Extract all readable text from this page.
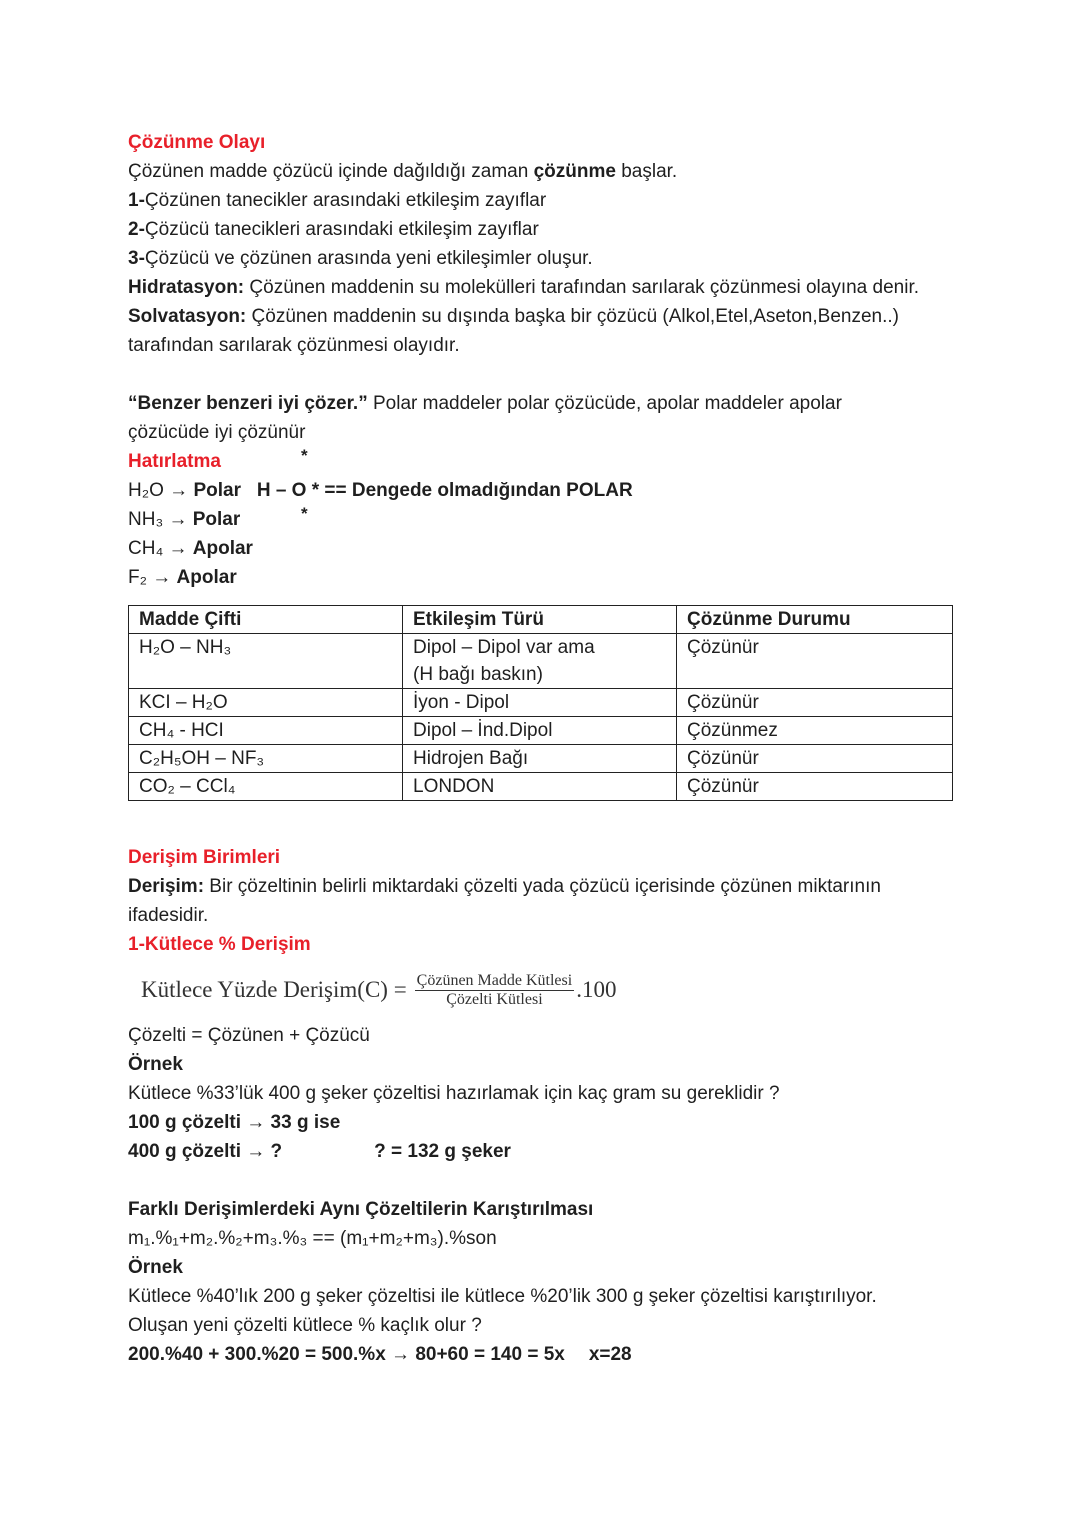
Çözünme Olayı
Çözünen madde çözücü içinde dağıldığı zaman çözünme başlar.
1-Çözünen tanecikler arasındaki etkileşim zayıflar
2-Çözücü tanecikleri arasındaki etkileşim zayıflar
3-Çözücü ve çözünen arasında yeni etkileşimler oluşur.
Hidratasyon: Çözünen maddenin su molekülleri tarafından sarılarak çözünmesi olayına denir.
Solvatasyon: Çözünen maddenin su dışında başka bir çözücü (Alkol,Etel,Aseton,Benzen..)
tarafından sarılarak çözünmesi olayıdır.
“Benzer benzeri iyi çözer.” Polar maddeler polar çözücüde, apolar maddeler apolar
çözücüde iyi çözünür
Hatırlatma	*
H₂O → Polar H – O * == Dengede olmadığından POLAR
NH₃ → Polar	*
CH₄ → Apolar
F₂ → Apolar
Madde Çifti	Etkileşim Türü	Çözünme Durumu
H₂O – NH₃	Dipol – Dipol var ama	Çözünür
	(H bağı baskın)	
KCI – H₂O	İyon - Dipol	Çözünür
CH₄ - HCI	Dipol – İnd.Dipol	Çözünmez
C₂H₅OH – NF₃	Hidrojen Bağı	Çözünür
CO₂ – CCl₄	LONDON	Çözünür
Derişim Birimleri
Derişim: Bir çözeltinin belirli miktardaki çözelti yada çözücü içerisinde çözünen miktarının
ifadesidir.
1-Kütlece % Derişim
Kütlece Yüzde Derişim(C) = $\frac{\text{Çözünen Madde Kütlesi}}{\text{Çözelti Kütlesi}} .100$
Çözelti = Çözünen + Çözücü
Örnek
Kütlece %33’lük 400 g şeker çözeltisi hazırlamak için kaç gram su gereklidir ?
100 g çözelti → 33 g ise
400 g çözelti → ?	? = 132 g şeker
Farklı Derişimlerdeki Aynı Çözeltilerin Karıştırılması
m₁.%₁+m₂.%₂+m₃.%₃ == (m₁+m₂+m₃).%son
Örnek
Kütlece %40’lık 200 g şeker çözeltisi ile kütlece %20’lik 300 g şeker çözeltisi karıştırılıyor.
Oluşan yeni çözelti kütlece % kaçlık olur ?
200.%40 + 300.%20 = 500.%x → 80+60 = 140 = 5x x=28
